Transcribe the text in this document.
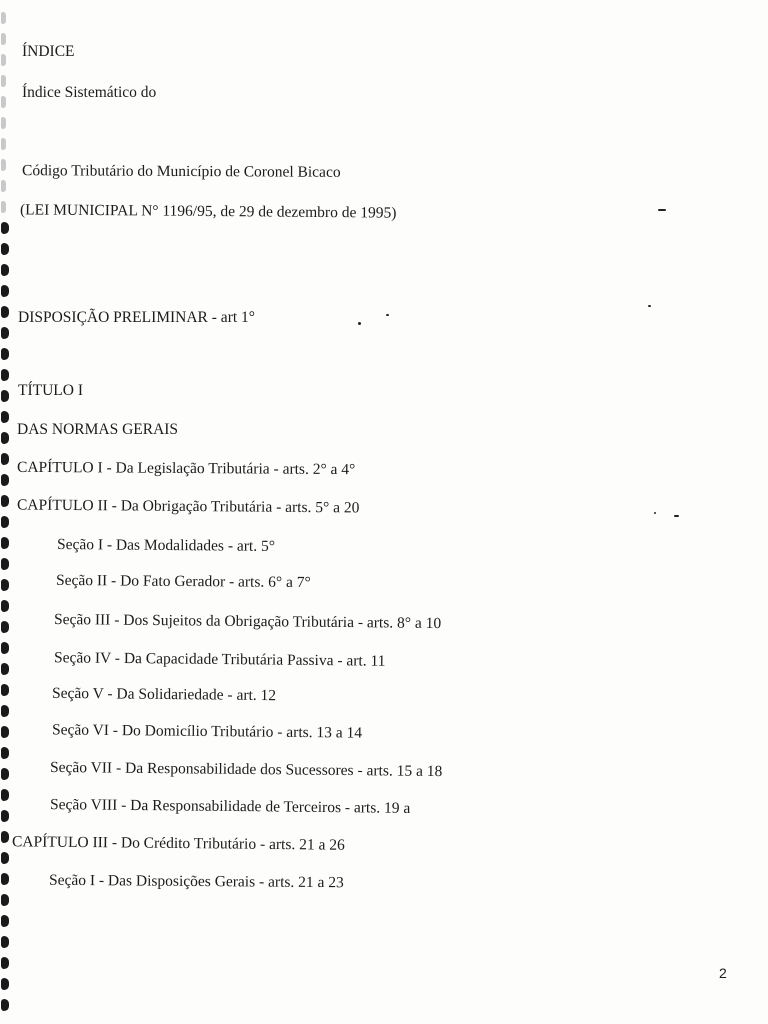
ÍNDICE
Índice Sistemático do
Código Tributário do Município de Coronel Bicaco
(LEI MUNICIPAL N° 1196/95, de 29 de dezembro de 1995)
DISPOSIÇÃO PRELIMINAR - art 1°
TÍTULO I
DAS NORMAS GERAIS
CAPÍTULO I - Da Legislação Tributária - arts. 2° a 4°
CAPÍTULO II - Da Obrigação Tributária - arts. 5° a 20
Seção I - Das Modalidades - art. 5°
Seção II - Do Fato Gerador - arts. 6° a 7°
Seção III - Dos Sujeitos da Obrigação Tributária - arts. 8° a 10
Seção IV - Da Capacidade Tributária Passiva - art. 11
Seção V - Da Solidariedade - art. 12
Seção VI - Do Domicílio Tributário - arts. 13 a 14
Seção VII - Da Responsabilidade dos Sucessores - arts. 15 a 18
Seção VIII - Da Responsabilidade de Terceiros - arts. 19 a
CAPÍTULO III - Do Crédito Tributário - arts. 21 a 26
Seção I - Das Disposições Gerais - arts. 21 a 23
2
